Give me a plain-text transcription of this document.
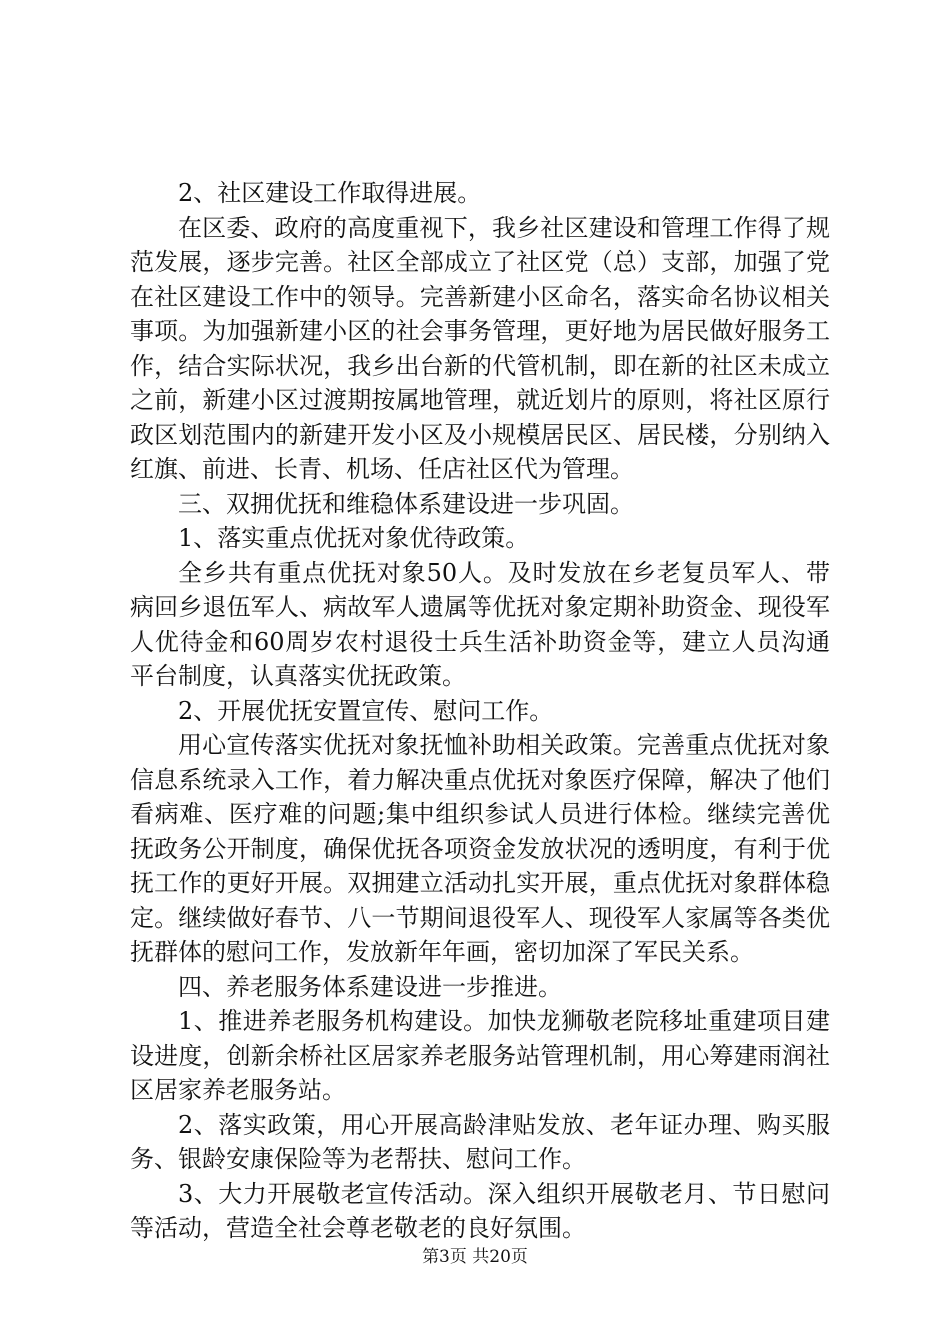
2、社区建设工作取得进展。

在区委、政府的高度重视下，我乡社区建设和管理工作得了规范发展，逐步完善。社区全部成立了社区党（总）支部，加强了党在社区建设工作中的领导。完善新建小区命名，落实命名协议相关事项。为加强新建小区的社会事务管理，更好地为居民做好服务工作，结合实际状况，我乡出台新的代管机制，即在新的社区未成立之前，新建小区过渡期按属地管理，就近划片的原则，将社区原行政区划范围内的新建开发小区及小规模居民区、居民楼，分别纳入红旗、前进、长青、机场、任店社区代为管理。

三、双拥优抚和维稳体系建设进一步巩固。

1、落实重点优抚对象优待政策。

全乡共有重点优抚对象50人。及时发放在乡老复员军人、带病回乡退伍军人、病故军人遗属等优抚对象定期补助资金、现役军人优待金和60周岁农村退役士兵生活补助资金等，建立人员沟通平台制度，认真落实优抚政策。

2、开展优抚安置宣传、慰问工作。

用心宣传落实优抚对象抚恤补助相关政策。完善重点优抚对象信息系统录入工作，着力解决重点优抚对象医疗保障，解决了他们看病难、医疗难的问题;集中组织参试人员进行体检。继续完善优抚政务公开制度，确保优抚各项资金发放状况的透明度，有利于优抚工作的更好开展。双拥建立活动扎实开展，重点优抚对象群体稳定。继续做好春节、八一节期间退役军人、现役军人家属等各类优抚群体的慰问工作，发放新年年画，密切加深了军民关系。

四、养老服务体系建设进一步推进。

1、推进养老服务机构建设。加快龙狮敬老院移址重建项目建设进度，创新余桥社区居家养老服务站管理机制，用心筹建雨润社区居家养老服务站。

2、落实政策，用心开展高龄津贴发放、老年证办理、购买服务、银龄安康保险等为老帮扶、慰问工作。

3、大力开展敬老宣传活动。深入组织开展敬老月、节日慰问等活动，营造全社会尊老敬老的良好氛围。

第3页 共20页
